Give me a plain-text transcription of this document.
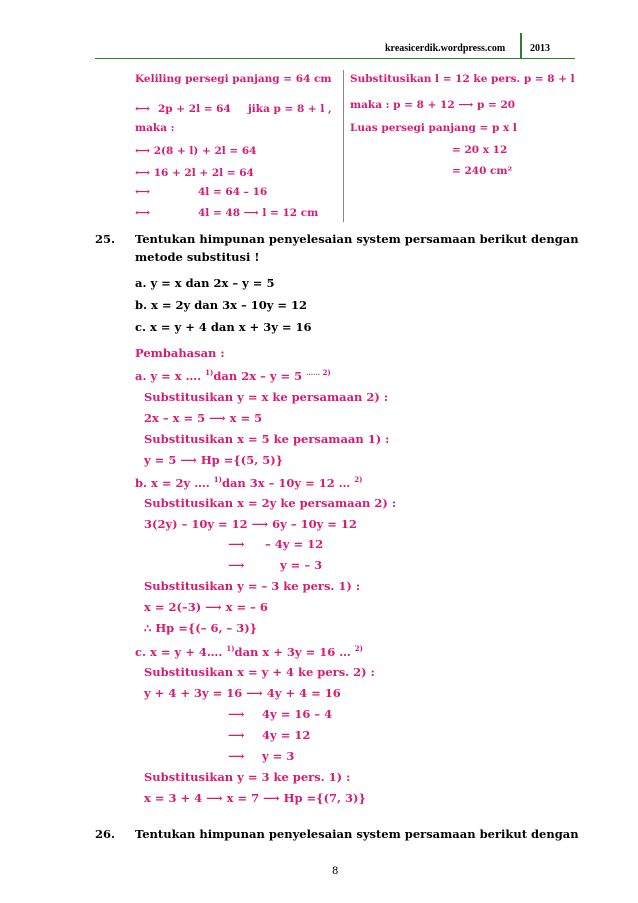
kreasicerdik.wordpress.com 2013
Keliling persegi panjang = 64 cm
⟷ 2p + 2l = 64 jika p = 8 + l ,
maka :
⟷ 2(8 + l) + 2l = 64
⟷ 16 + 2l + 2l = 64
⟷	4l = 64 – 16
⟷	4l = 48 ⟶ l = 12 cm
Substitusikan l = 12 ke pers. p = 8 + l
maka : p = 8 + 12 ⟶ p = 20
Luas persegi panjang = p x l
= 20 x 12
= 240 cm²
25. Tentukan himpunan penyelesaian system persamaan berikut dengan
metode substitusi !
a. y = x dan 2x – y = 5
b. x = 2y dan 3x – 10y = 12
c. x = y + 4 dan x + 3y = 16
Pembahasan :
a. y = x …. $^{1)}$dan 2x – y = 5 $^{\dots\dots 2)}$
Substitusikan y = x ke persamaan 2) :
2x – x = 5 ⟶ x = 5
Substitusikan x = 5 ke persamaan 1) :
y = 5 ⟶ Hp ={(5, 5)}
b. x = 2y …. $^{1)}$dan 3x – 10y = 12 … $^{2)}$
Substitusikan x = 2y ke persamaan 2) :
3(2y) – 10y = 12 ⟶ 6y – 10y = 12
⟶ – 4y = 12
⟶	y = – 3
Substitusikan y = – 3 ke pers. 1) :
x = 2(–3) ⟶ x = – 6
∴ Hp ={(– 6, – 3)}
c. x = y + 4…. $^{1)}$dan x + 3y = 16 … $^{2)}$
Substitusikan x = y + 4 ke pers. 2) :
y + 4 + 3y = 16 ⟶ 4y + 4 = 16
⟶ 4y = 16 – 4
⟶ 4y = 12
⟶ y = 3
Substitusikan y = 3 ke pers. 1) :
x = 3 + 4 ⟶ x = 7 ⟶ Hp ={(7, 3)}
26. Tentukan himpunan penyelesaian system persamaan berikut dengan
8
